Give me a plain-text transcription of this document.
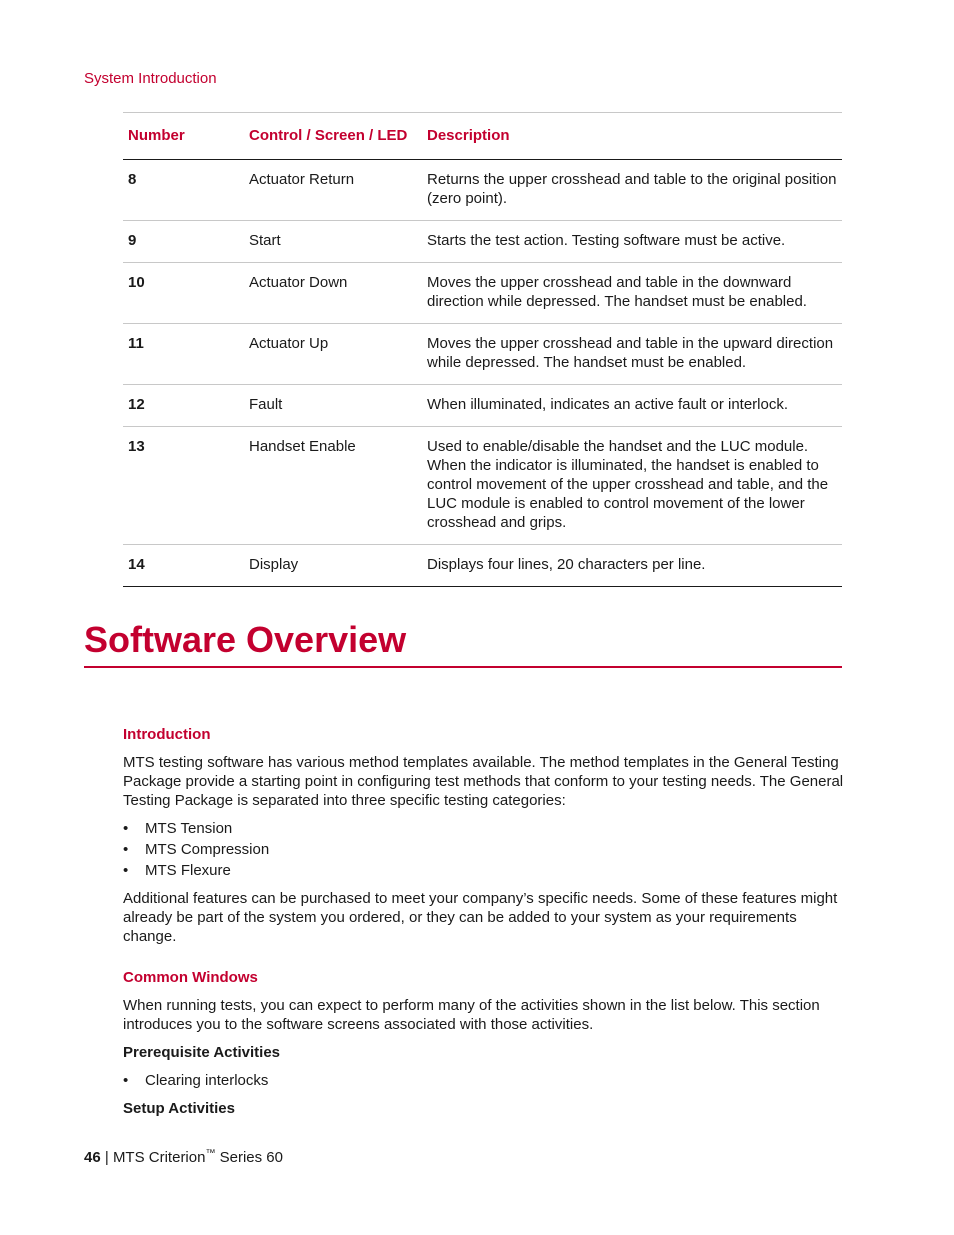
System Introduction
Number	Control / Screen / LED	Description
8	Actuator Return	Returns the upper crosshead and table to the original position (zero point).
9	Start	Starts the test action. Testing software must be active.
10	Actuator Down	Moves the upper crosshead and table in the downward direction while depressed. The handset must be enabled.
11	Actuator Up	Moves the upper crosshead and table in the upward direction while depressed. The handset must be enabled.
12	Fault	When illuminated, indicates an active fault or interlock.
13	Handset Enable	Used to enable/disable the handset and the LUC module. When the indicator is illuminated, the handset is enabled to control movement of the upper crosshead and table, and the LUC module is enabled to control movement of the lower crosshead and grips.
14	Display	Displays four lines, 20 characters per line.
Software Overview
Introduction

MTS testing software has various method templates available. The method templates in the General Testing Package provide a starting point in configuring test methods that conform to your testing needs. The General Testing Package is separated into three specific testing categories:

• MTS Tension
• MTS Compression
• MTS Flexure

Additional features can be purchased to meet your company’s specific needs. Some of these features might already be part of the system you ordered, or they can be added to your system as your requirements change.

Common Windows

When running tests, you can expect to perform many of the activities shown in the list below. This section introduces you to the software screens associated with those activities.

Prerequisite Activities
• Clearing interlocks
Setup Activities
46 | MTS Criterion™ Series 60
